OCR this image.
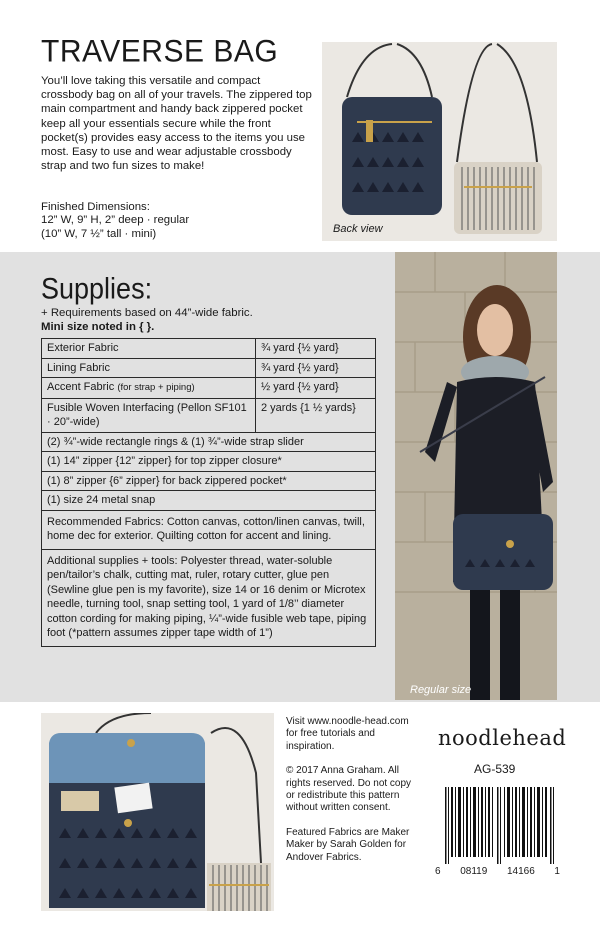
TRAVERSE BAG
You’ll love taking this versatile and compact crossbody bag on all of your travels. The zippered top main compartment and handy back zippered pocket keep all your essentials secure while the front pocket(s) provides easy access to the items you use most. Easy to use and wear adjustable crossbody strap and two fun sizes to make!
Finished Dimensions:
12” W, 9” H, 2” deep · regular
(10” W, 7 ½” tall · mini)	Back view
Supplies:
+ Requirements based on 44”-wide fabric.
Mini size noted in { }.
Exterior Fabric	¾ yard {½ yard}
Lining Fabric	¾ yard {½ yard}
Accent Fabric (for strap + piping)	½ yard {½ yard}
Fusible Woven Interfacing (Pellon SF101 · 20”-wide)	2 yards {1 ½ yards}
(2) ¾”-wide rectangle rings & (1) ¾”-wide strap slider	
(1) 14” zipper {12” zipper} for top zipper closure*	
(1) 8” zipper {6” zipper} for back zippered pocket*	
(1) size 24 metal snap	
Recommended Fabrics: Cotton canvas, cotton/linen canvas, twill, home dec for exterior. Quilting cotton for accent and lining.	
Additional supplies + tools: Polyester thread, water-soluble pen/tailor’s chalk, cutting mat, ruler, rotary cutter, glue pen (Sewline glue pen is my favorite), size 14 or 16 denim or Microtex needle, turning tool, snap setting tool, 1 yard of 1/8’’ diameter cotton cording for making piping, ¼”-wide fusible web tape, piping foot (*pattern assumes zipper tape width of 1”)	
Regular size

Visit www.noodle-head.com for free tutorials and inspiration.

© 2017 Anna Graham. All rights reserved. Do not copy or redistribute this pattern without written consent.

Featured Fabrics are Maker Maker by Sarah Golden for Andover Fabrics.

noodlehead
AG-539
6 08119 14166 1
